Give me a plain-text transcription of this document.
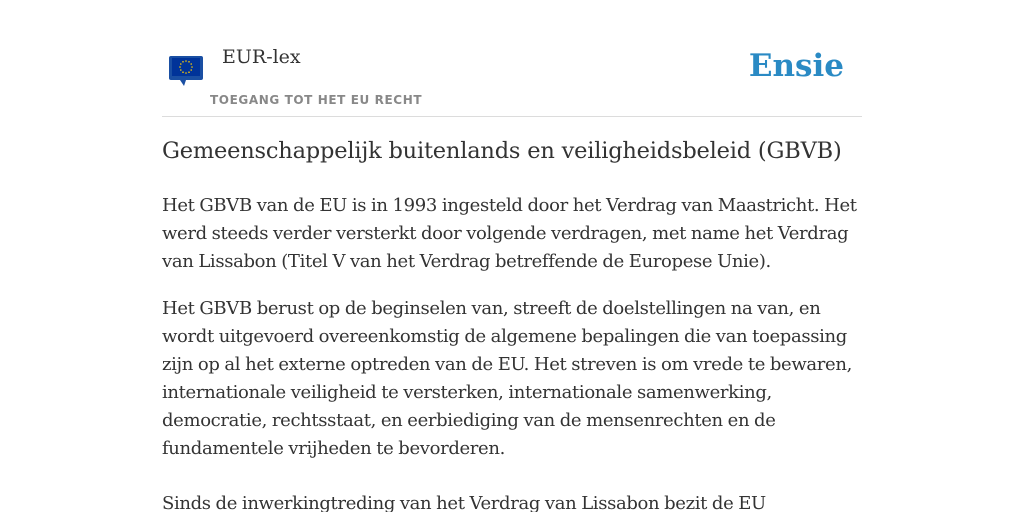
EUR-lex
TOEGANG TOT HET EU RECHT
Ensie
Gemeenschappelijk buitenlands en veiligheidsbeleid (GBVB)

Het GBVB van de EU is in 1993 ingesteld door het Verdrag van Maastricht. Het werd steeds verder versterkt door volgende verdragen, met name het Verdrag van Lissabon (Titel V van het Verdrag betreffende de Europese Unie).

Het GBVB berust op de beginselen van, streeft de doelstellingen na van, en wordt uitgevoerd overeenkomstig de algemene bepalingen die van toepassing zijn op al het externe optreden van de EU. Het streven is om vrede te bewaren, internationale veiligheid te versterken, internationale samenwerking, democratie, rechtsstaat, en eerbiediging van de mensenrechten en de fundamentele vrijheden te bevorderen.

Sinds de inwerkingtreding van het Verdrag van Lissabon bezit de EU
